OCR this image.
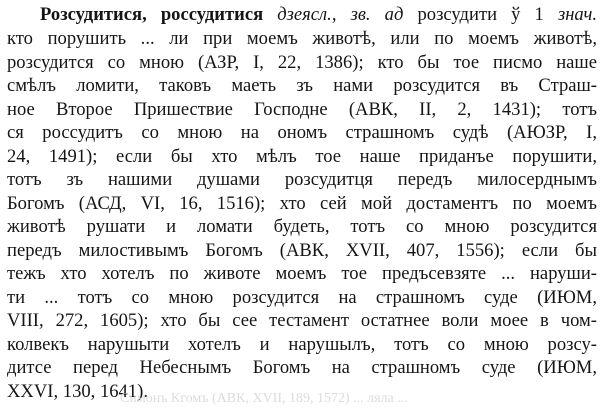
Розсудитися, россудитися дзеясл., зв. ад розсудити ў 1 знач.
кто порушить ... ли при моемъ животѣ, или по моемъ животѣ,
розсудится со мною (АЗР, I, 22, 1386); кто бы тое писмо наше
смѣлъ ломити, таковъ маеть зъ нами розсудится въ Страш-
ное Второе Пришествие Господне (АВК, II, 2, 1431); тотъ
ся россудитъ со мною на ономъ страшномъ судѣ (АЮЗР, I,
24, 1491); если бы хто мѣлъ тое наше приданъе порушити,
тотъ зъ нашими душами розсудитця передъ милосерднымъ
Богомъ (АСД, VI, 16, 1516); хто сей мой достаментъ по моемъ
животѣ рушати и ломати будеть, тотъ со мною розсудится
передъ милостивымъ Богомъ (АВК, XVII, 407, 1556); если бы
тежъ хто хотелъ по животе моемъ тое предъсевзяте ... наруши-
ти ... тотъ со мною розсудится на страшномъ суде (ИЮМ,
VIII, 272, 1605); хто бы сее тестамент остатнее воли моее в чом-
колвекъ нарушыти хотелъ и нарушылъ, тотъ со мною розсу-
дитсе перед Небеснымъ Богомъ на страшномъ суде (ИЮМ,
XXVI, 130, 1641).
Симонъ Кгомъ (АВК, XVII, 189, 1572) ... ляла ...
